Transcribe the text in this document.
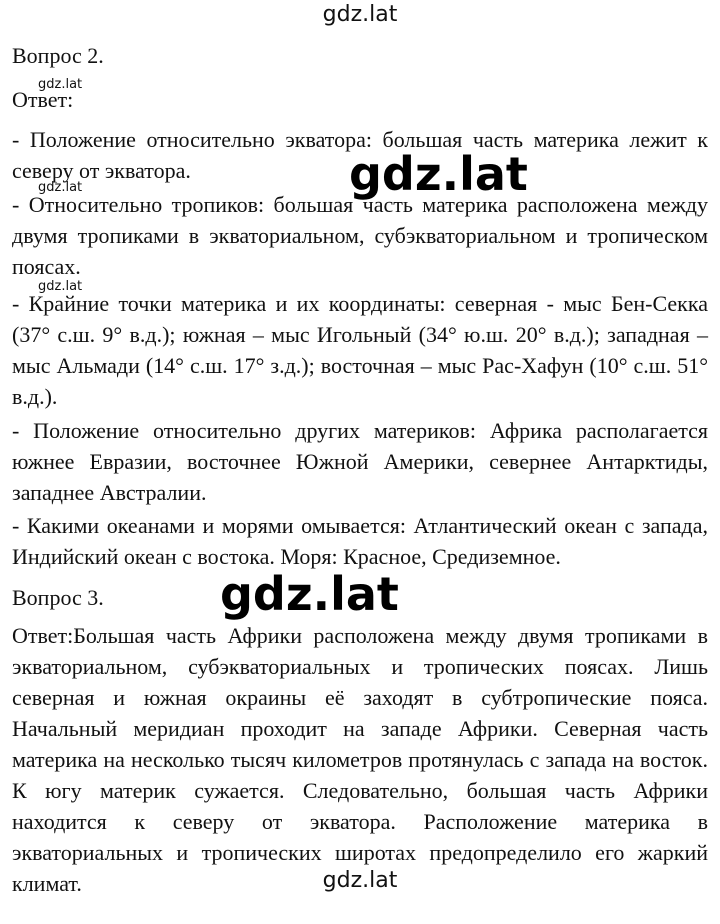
gdz.lat

Вопрос 2.

Ответ:

- Положение относительно экватора: большая часть материка лежит к северу от экватора.

- Относительно тропиков: большая часть материка расположена между двумя тропиками в экваториальном, субэкваториальном и тропическом поясах.

- Крайние точки материка и их координаты: северная - мыс Бен-Секка (37° с.ш. 9° в.д.); южная – мыс Игольный (34° ю.ш. 20° в.д.); западная – мыс Альмади (14° с.ш. 17° з.д.); восточная – мыс Рас-Хафун (10° с.ш. 51° в.д.).

- Положение относительно других материков: Африка располагается южнее Евразии, восточнее Южной Америки, севернее Антарктиды, западнее Австралии.

- Какими океанами и морями омывается: Атлантический океан с запада, Индийский океан с востока. Моря: Красное, Средиземное.

Вопрос 3.

Ответ:Большая часть Африки расположена между двумя тропиками в экваториальном, субэкваториальных и тропических поясах. Лишь северная и южная окраины её заходят в субтропические пояса. Начальный меридиан проходит на западе Африки. Северная часть материка на несколько тысяч километров протянулась с запада на восток. К югу материк сужается. Следовательно, большая часть Африки находится к северу от экватора. Расположение материка в экваториальных и тропических широтах предопределило его жаркий климат.

gdz.lat
gdz.lat
gdz.lat
gdz.lat
gdz.lat
gdz.lat
